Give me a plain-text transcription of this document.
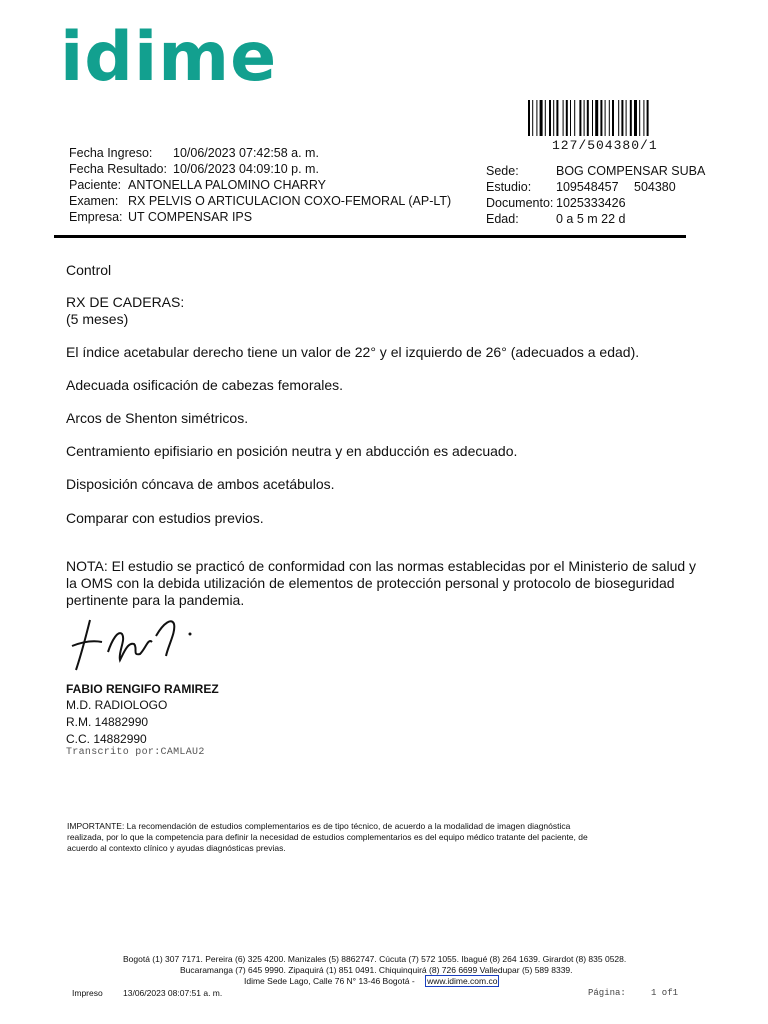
idime
127/504380/1
Fecha Ingreso: 10/06/2023 07:42:58 a. m.
Fecha Resultado: 10/06/2023 04:09:10 p. m.
Paciente: ANTONELLA PALOMINO CHARRY
Examen: RX PELVIS O ARTICULACION COXO-FEMORAL (AP-LT)
Empresa: UT COMPENSAR IPS
Sede:	BOG COMPENSAR SUBA
Estudio: 109548457 504380
Documento: 1025333426
Edad:	0 a 5 m 22 d
Control
RX DE CADERAS:
(5 meses)
El índice acetabular derecho tiene un valor de 22° y el izquierdo de 26° (adecuados a edad).
Adecuada osificación de cabezas femorales.
Arcos de Shenton simétricos.
Centramiento epifisiario en posición neutra y en abducción es adecuado.
Disposición cóncava de ambos acetábulos.
Comparar con estudios previos.
NOTA: El estudio se practicó de conformidad con las normas establecidas por el Ministerio de salud y la OMS con la debida utilización de elementos de protección personal y protocolo de bioseguridad pertinente para la pandemia.
FABIO RENGIFO RAMIREZ
M.D. RADIOLOGO
R.M. 14882990
C.C. 14882990
Transcrito por:CAMLAU2
IMPORTANTE: La recomendación de estudios complementarios es de tipo técnico, de acuerdo a la modalidad de imagen diagnóstica realizada, por lo que la competencia para definir la necesidad de estudios complementarios es del equipo médico tratante del paciente, de acuerdo al contexto clínico y ayudas diagnósticas previas.
Bogotá (1) 307 7171. Pereira (6) 325 4200. Manizales (5) 8862747. Cúcuta (7) 572 1055. Ibagué (8) 264 1639. Girardot (8) 835 0528.
Bucaramanga (7) 645 9990. Zipaquirá (1) 851 0491. Chiquinquirá (8) 726 6699 Valledupar (5) 589 8339.
Idime Sede Lago, Calle 76 N° 13-46 Bogotá - www.idime.com.co
Impreso 13/06/2023 08:07:51 a. m.	Página:	1 of1
